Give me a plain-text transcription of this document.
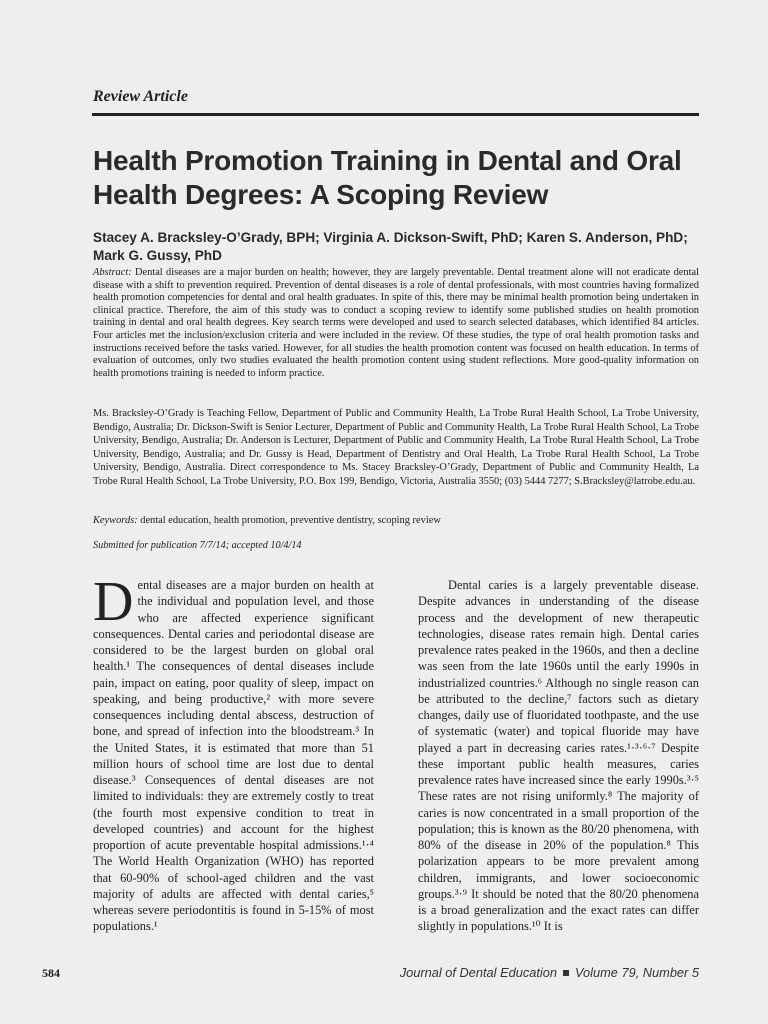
Review Article
Health Promotion Training in Dental and Oral Health Degrees: A Scoping Review
Stacey A. Bracksley-O’Grady, BPH; Virginia A. Dickson-Swift, PhD; Karen S. Anderson, PhD; Mark G. Gussy, PhD
Abstract: Dental diseases are a major burden on health; however, they are largely preventable. Dental treatment alone will not eradicate dental disease with a shift to prevention required. Prevention of dental diseases is a role of dental professionals, with most countries having formalized health promotion competencies for dental and oral health graduates. In spite of this, there may be minimal health promotion being undertaken in clinical practice. Therefore, the aim of this study was to conduct a scoping review to identify some published studies on health promotion training in dental and oral health degrees. Key search terms were developed and used to search selected databases, which identified 84 articles. Four articles met the inclusion/exclusion criteria and were included in the review. Of these studies, the type of oral health promotion tasks and instructions received before the tasks varied. However, for all studies the health promotion content was focused on health education. In terms of evaluation of outcomes, only two studies evaluated the health promotion content using student reflections. More good-quality information on health promotions training is needed to inform practice.
Ms. Bracksley-O’Grady is Teaching Fellow, Department of Public and Community Health, La Trobe Rural Health School, La Trobe University, Bendigo, Australia; Dr. Dickson-Swift is Senior Lecturer, Department of Public and Community Health, La Trobe Rural Health School, La Trobe University, Bendigo, Australia; Dr. Anderson is Lecturer, Department of Public and Community Health, La Trobe Rural Health School, La Trobe University, Bendigo, Australia; and Dr. Gussy is Head, Department of Dentistry and Oral Health, La Trobe Rural Health School, La Trobe University, Bendigo, Australia. Direct correspondence to Ms. Stacey Bracksley-O’Grady, Department of Public and Community Health, La Trobe Rural Health School, La Trobe University, P.O. Box 199, Bendigo, Victoria, Australia 3550; (03) 5444 7277; S.Bracksley@latrobe.edu.au.
Keywords: dental education, health promotion, preventive dentistry, scoping review
Submitted for publication 7/7/14; accepted 10/4/14
Dental diseases are a major burden on health at the individual and population level, and those who are affected experience significant consequences. Dental caries and periodontal disease are considered to be the largest burden on global oral health.¹ The consequences of dental diseases include pain, impact on eating, poor quality of sleep, impact on speaking, and being productive,² with more severe consequences including dental abscess, destruction of bone, and spread of infection into the bloodstream.³ In the United States, it is estimated that more than 51 million hours of school time are lost due to dental disease.³ Consequences of dental diseases are not limited to individuals: they are extremely costly to treat (the fourth most expensive condition to treat in developed countries) and account for the highest proportion of acute preventable hospital admissions.¹·⁴ The World Health Organization (WHO) has reported that 60-90% of school-aged children and the vast majority of adults are affected with dental caries,⁵ whereas severe periodontitis is found in 5-15% of most populations.¹
Dental caries is a largely preventable disease. Despite advances in understanding of the disease process and the development of new therapeutic technologies, disease rates remain high. Dental caries prevalence rates peaked in the 1960s, and then a decline was seen from the late 1960s until the early 1990s in industrialized countries.⁶ Although no single reason can be attributed to the decline,⁷ factors such as dietary changes, daily use of fluoridated toothpaste, and the use of systematic (water) and topical fluoride may have played a part in decreasing caries rates.¹·³·⁶·⁷ Despite these important public health measures, caries prevalence rates have increased since the early 1990s.³·⁵ These rates are not rising uniformly.⁸ The majority of caries is now concentrated in a small proportion of the population; this is known as the 80/20 phenomena, with 80% of the disease in 20% of the population.⁸ This polarization appears to be more prevalent among children, immigrants, and lower socioeconomic groups.³·⁹ It should be noted that the 80/20 phenomena is a broad generalization and the exact rates can differ slightly in populations.¹⁰ It is
584	Journal of Dental Education Volume 79, Number 5
